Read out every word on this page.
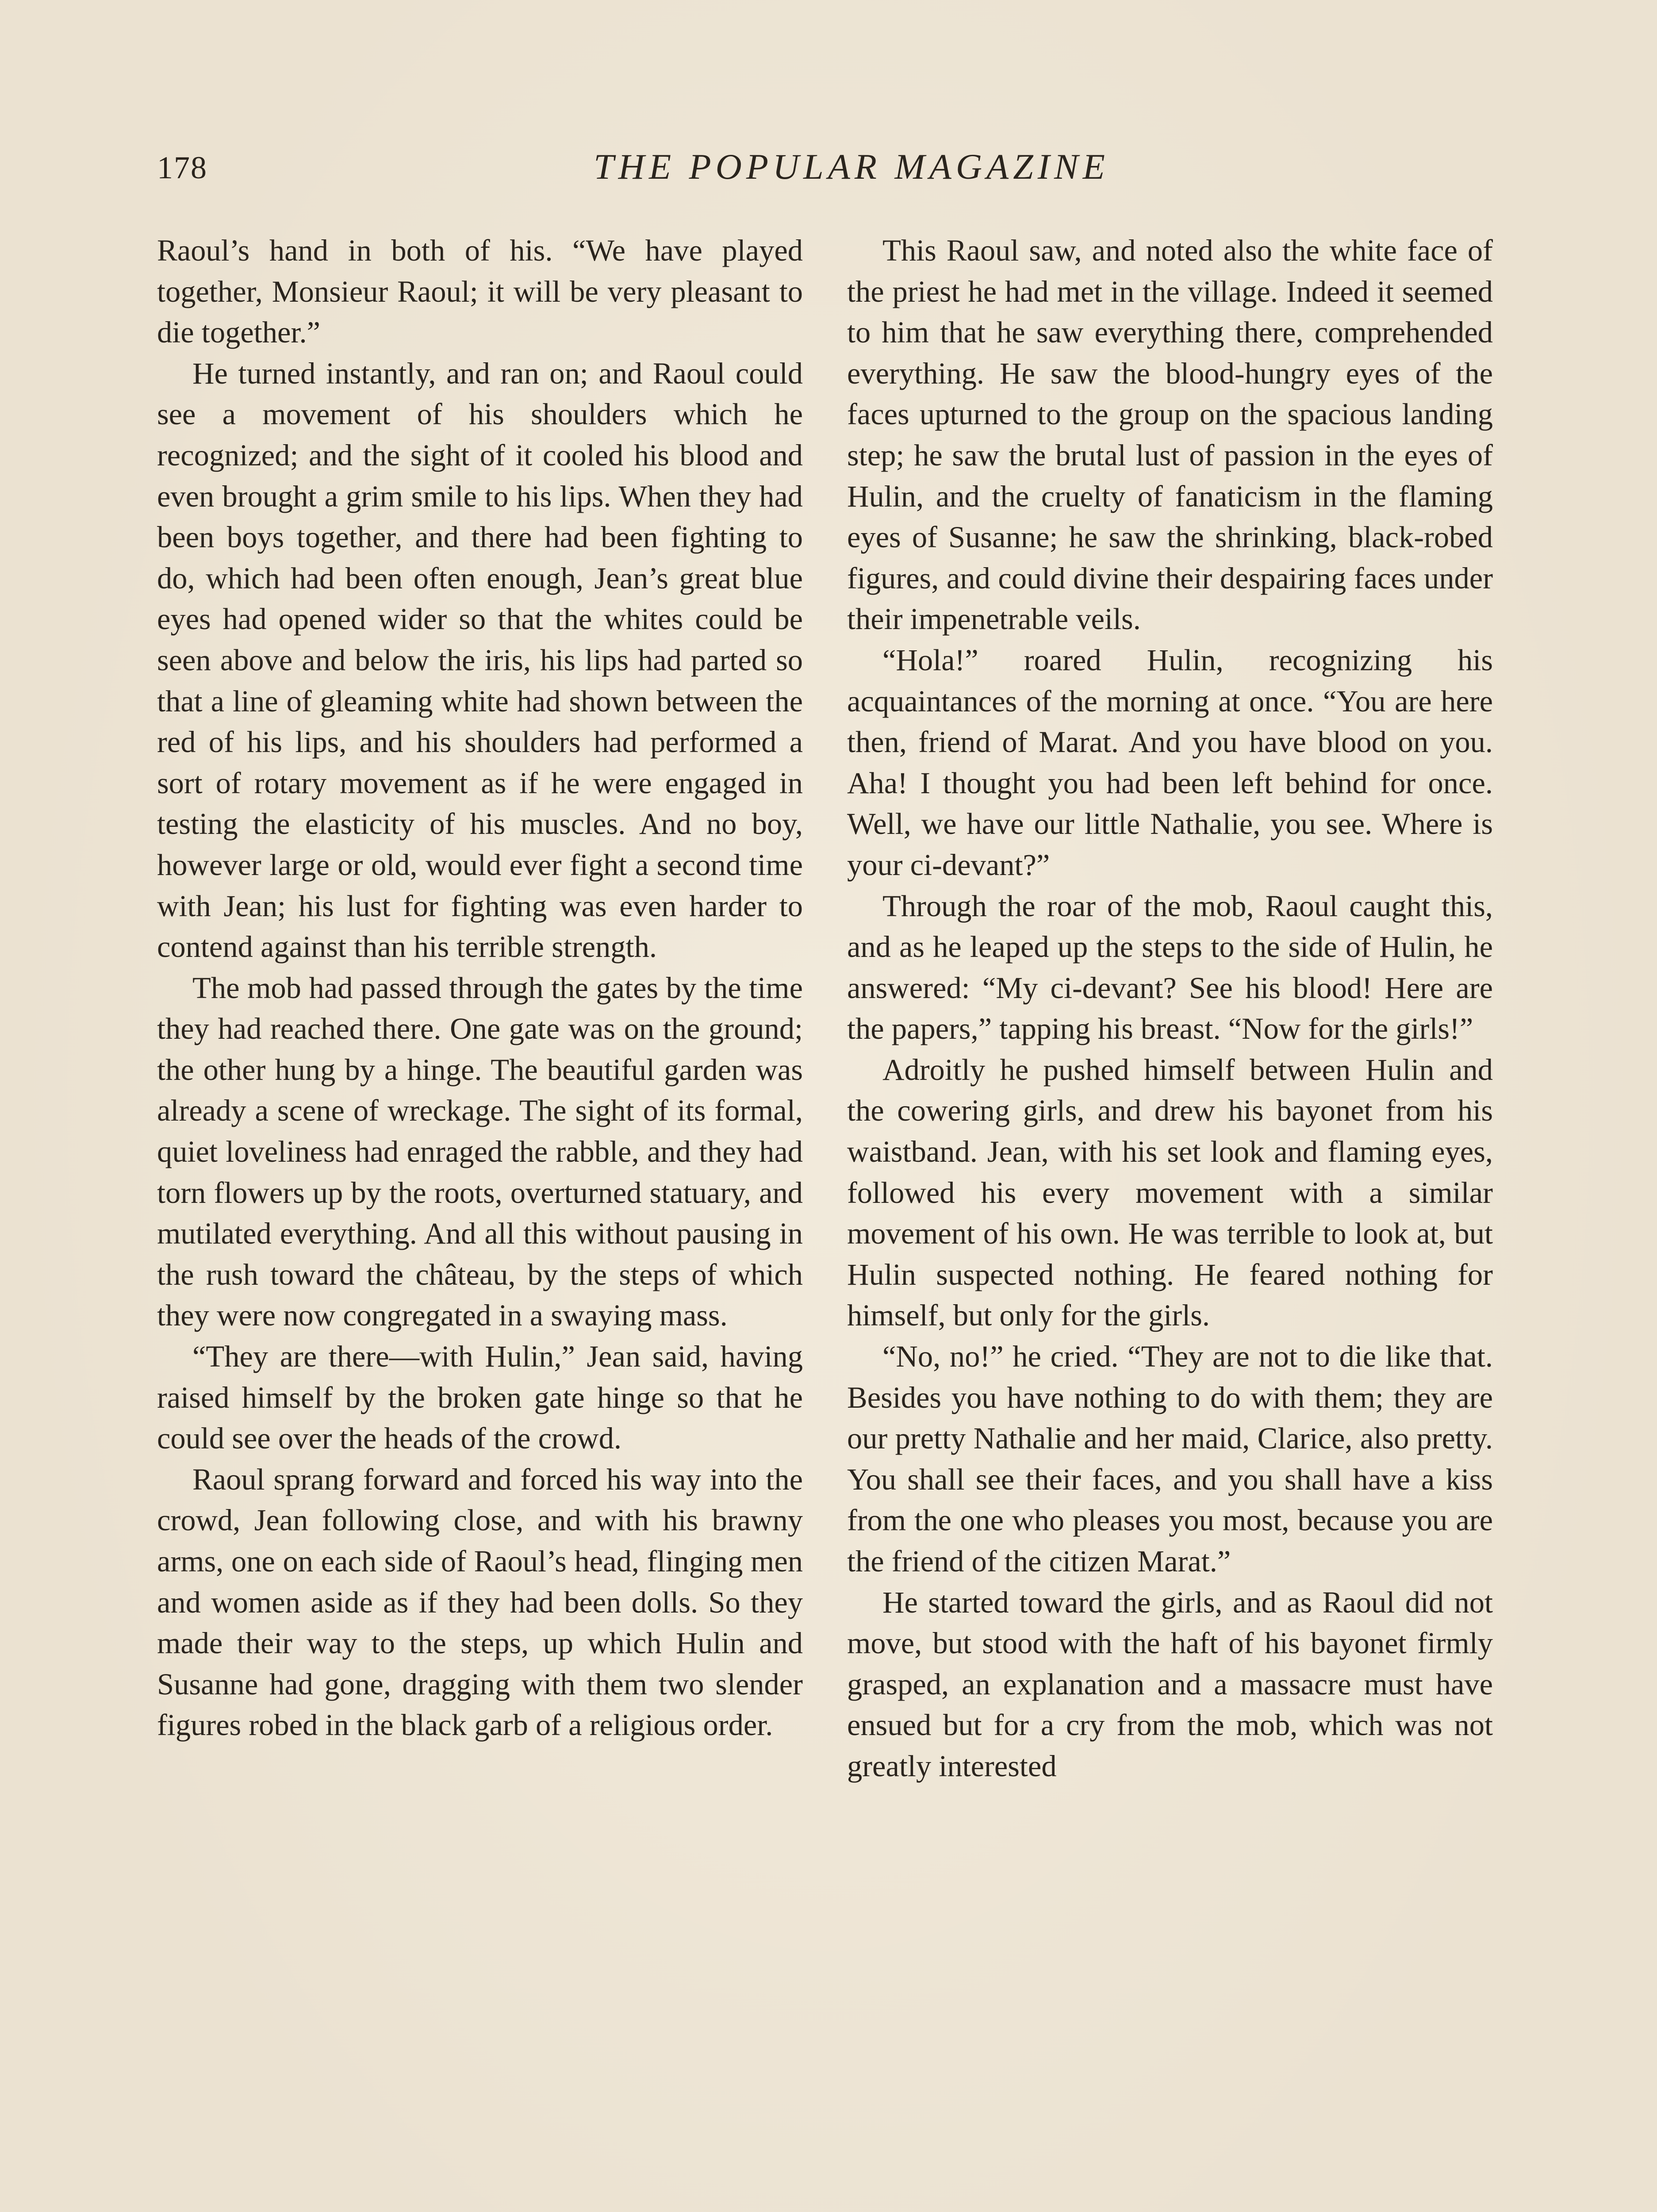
178	THE POPULAR MAGAZINE

Raoul’s hand in both of his. “We have played together, Monsieur Raoul; it will be very pleasant to die together.”

He turned instantly, and ran on; and Raoul could see a movement of his shoulders which he recognized; and the sight of it cooled his blood and even brought a grim smile to his lips. When they had been boys together, and there had been fighting to do, which had been often enough, Jean’s great blue eyes had opened wider so that the whites could be seen above and below the iris, his lips had parted so that a line of gleaming white had shown between the red of his lips, and his shoulders had performed a sort of rotary movement as if he were engaged in testing the elasticity of his muscles. And no boy, however large or old, would ever fight a second time with Jean; his lust for fighting was even harder to contend against than his terrible strength.

The mob had passed through the gates by the time they had reached there. One gate was on the ground; the other hung by a hinge. The beautiful garden was already a scene of wreckage. The sight of its formal, quiet loveliness had enraged the rabble, and they had torn flowers up by the roots, overturned statuary, and mutilated everything. And all this without pausing in the rush toward the château, by the steps of which they were now congregated in a swaying mass.

“They are there—with Hulin,” Jean said, having raised himself by the broken gate hinge so that he could see over the heads of the crowd.

Raoul sprang forward and forced his way into the crowd, Jean following close, and with his brawny arms, one on each side of Raoul’s head, flinging men and women aside as if they had been dolls. So they made their way to the steps, up which Hulin and Susanne had gone, dragging with them two slender figures robed in the black garb of a religious order.

This Raoul saw, and noted also the white face of the priest he had met in the village. Indeed it seemed to him that he saw everything there, comprehended everything. He saw the blood-hungry eyes of the faces upturned to the group on the spacious landing step; he saw the brutal lust of passion in the eyes of Hulin, and the cruelty of fanaticism in the flaming eyes of Susanne; he saw the shrinking, black-robed figures, and could divine their despairing faces under their impenetrable veils.

“Hola!” roared Hulin, recognizing his acquaintances of the morning at once. “You are here then, friend of Marat. And you have blood on you. Aha! I thought you had been left behind for once. Well, we have our little Nathalie, you see. Where is your ci-devant?”

Through the roar of the mob, Raoul caught this, and as he leaped up the steps to the side of Hulin, he answered: “My ci-devant? See his blood! Here are the papers,” tapping his breast. “Now for the girls!”

Adroitly he pushed himself between Hulin and the cowering girls, and drew his bayonet from his waistband. Jean, with his set look and flaming eyes, followed his every movement with a similar movement of his own. He was terrible to look at, but Hulin suspected nothing. He feared nothing for himself, but only for the girls.

“No, no!” he cried. “They are not to die like that. Besides you have nothing to do with them; they are our pretty Nathalie and her maid, Clarice, also pretty. You shall see their faces, and you shall have a kiss from the one who pleases you most, because you are the friend of the citizen Marat.”

He started toward the girls, and as Raoul did not move, but stood with the haft of his bayonet firmly grasped, an explanation and a massacre must have ensued but for a cry from the mob, which was not greatly interested
